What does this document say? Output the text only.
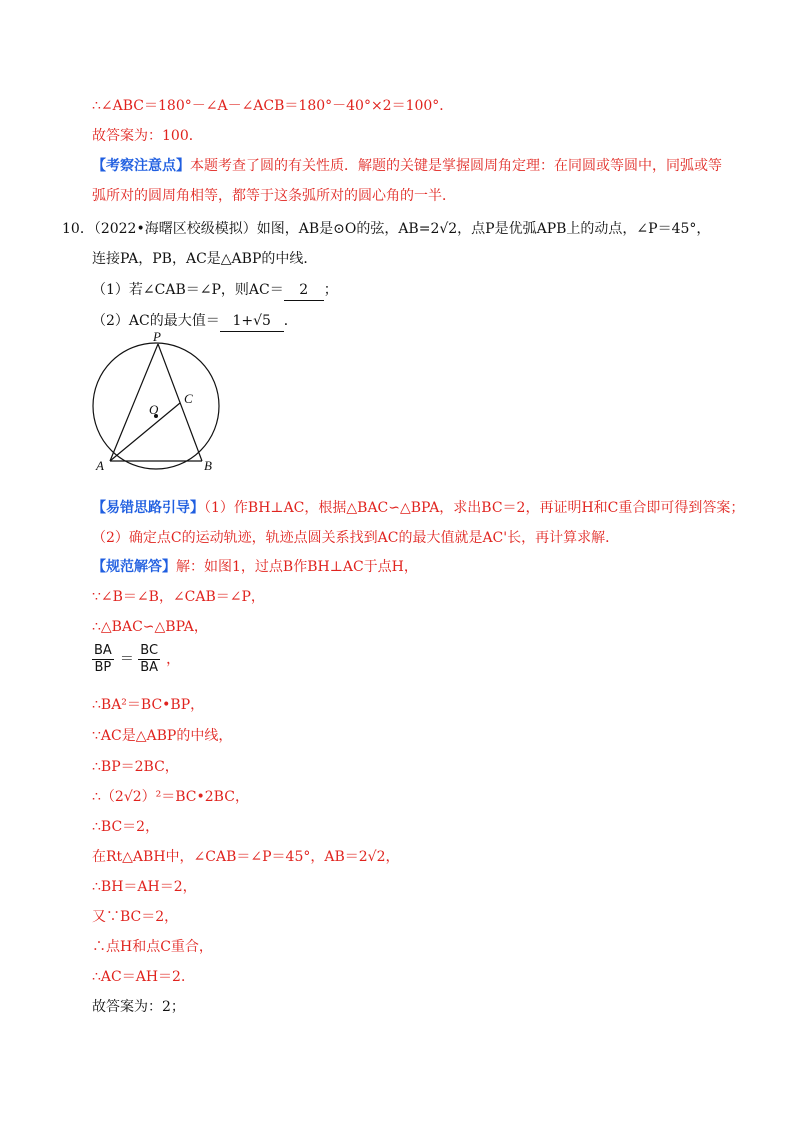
∴∠ABC＝180°－∠A－∠ACB＝180°－40°×2＝100°．
故答案为：100．
【考察注意点】本题考查了圆的有关性质．解题的关键是掌握圆周角定理：在同圆或等圆中，同弧或等
弧所对的圆周角相等，都等于这条弧所对的圆心角的一半．
10．（2022•海曙区校级模拟）如图，AB是⊙O的弦，AB=2√2，点P是优弧APB上的动点，∠P＝45°，
连接PA，PB，AC是△ABP的中线．
（1）若∠CAB＝∠P，则AC＝ 2 ；
（2）AC的最大值＝ 1+√5 ．
P
C
O
A	B
【易错思路引导】（1）作BH⊥AC，根据△BAC∽△BPA，求出BC＝2，再证明H和C重合即可得到答案；
（2）确定点C的运动轨迹，轨迹点圆关系找到AC的最大值就是AC'长，再计算求解．
【规范解答】解：如图1，过点B作BH⊥AC于点H，
∵∠B＝∠B，∠CAB＝∠P，
∴△BAC∽△BPA，
$\frac{BA}{BP} = \frac{BC}{BA}$ ，
∴BA²＝BC•BP，
∵AC是△ABP的中线，
∴BP＝2BC，
∴（2√2）²＝BC•2BC，
∴BC＝2，
在Rt△ABH中，∠CAB＝∠P＝45°，AB＝2√2，
∴BH＝AH＝2，
又∵BC＝2，
∴点H和点C重合，
∴AC＝AH＝2．
故答案为：2；
